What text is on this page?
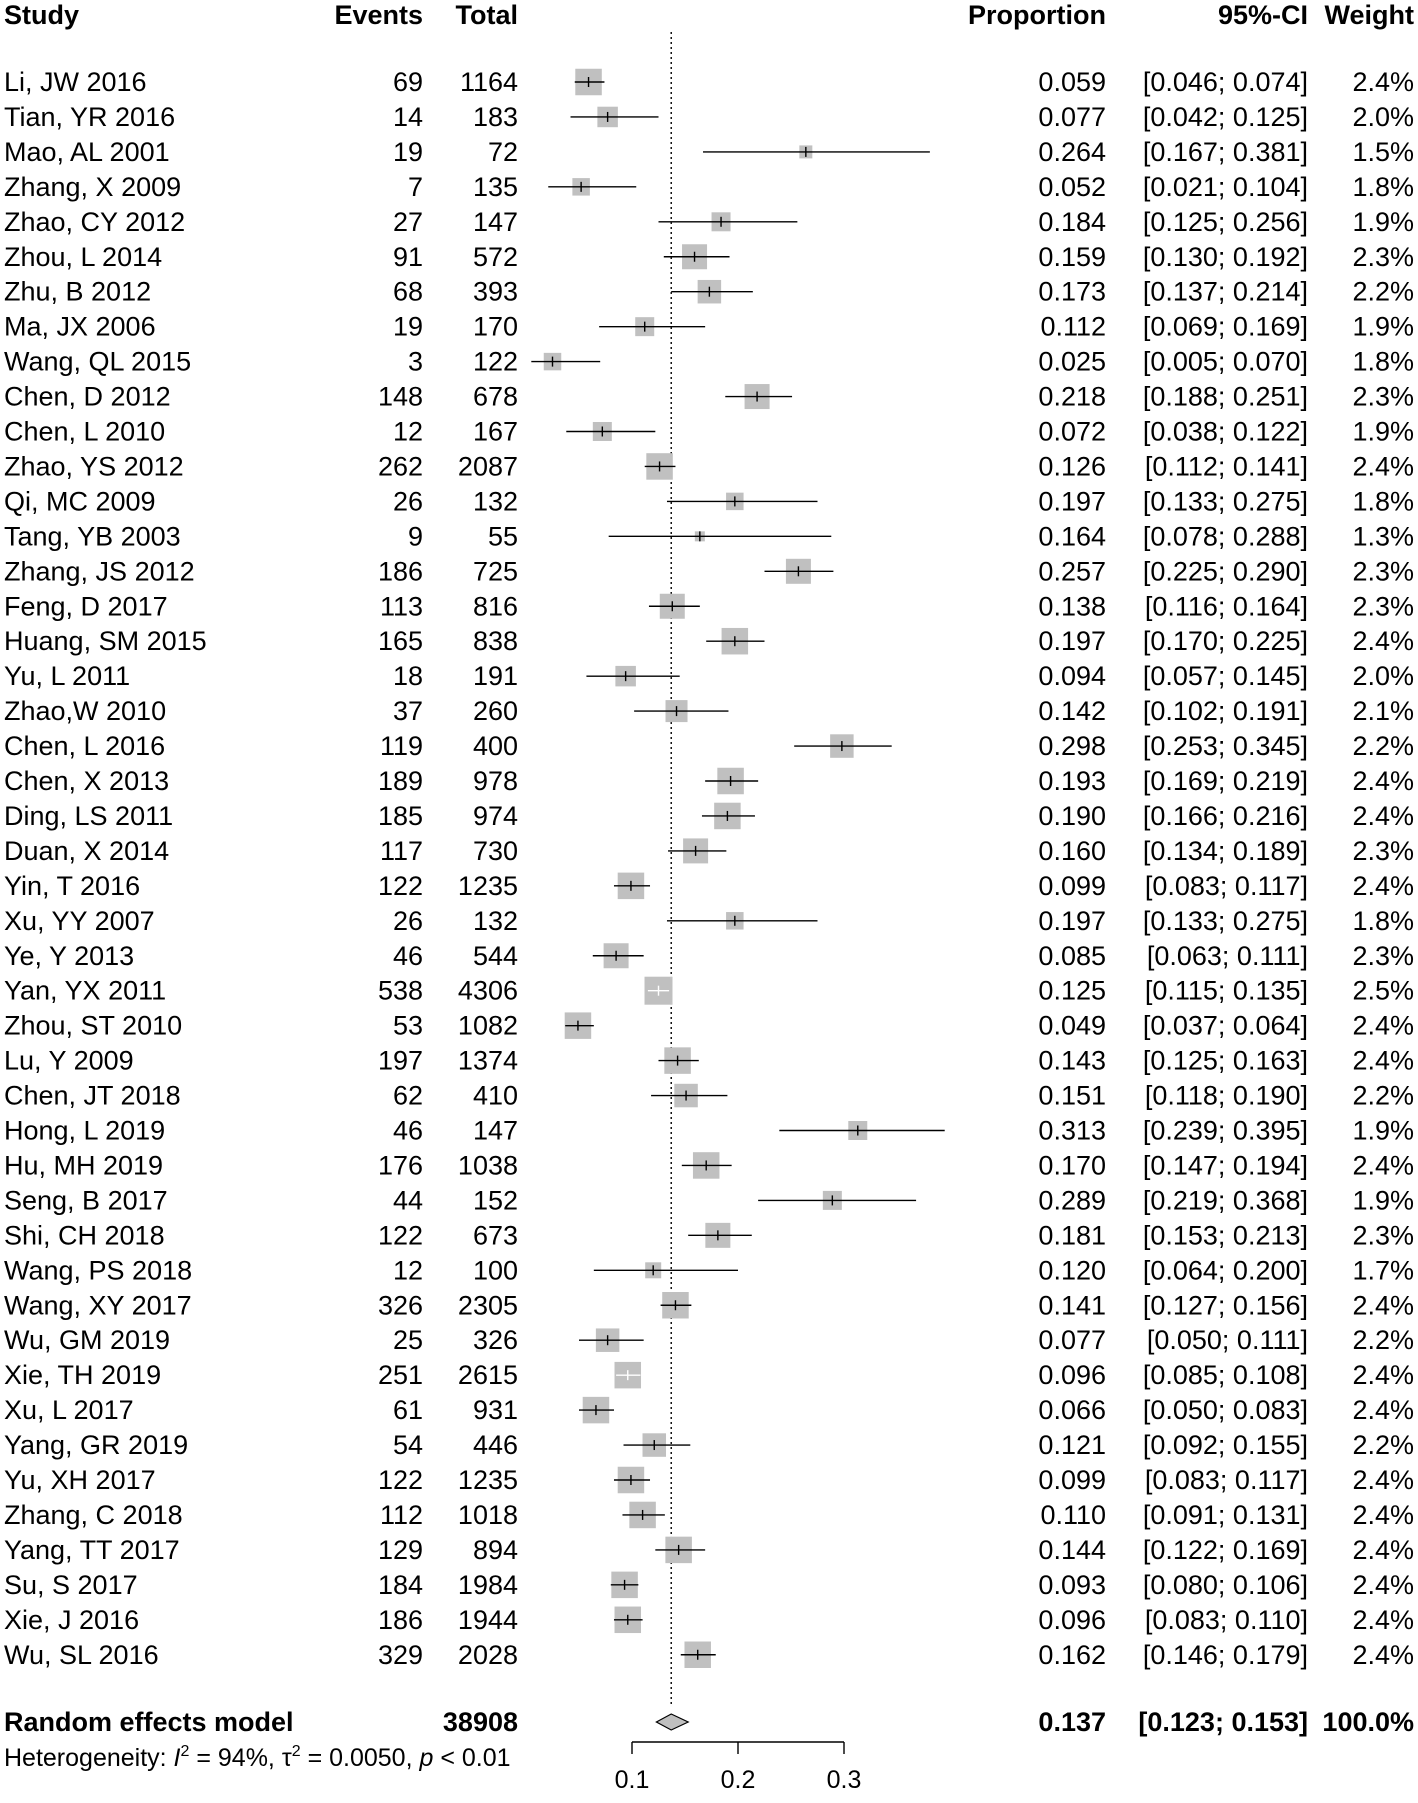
Study	Events Total	Proportion	95%-CI Weight
Li, JW 2016	69 1164	0.059 [0.046; 0.074] 2.4%
Tian, YR 2016	14 183	0.077 [0.042; 0.125] 2.0%
Mao, AL 2001	19 72	0.264 [0.167; 0.381] 1.5%
Zhang, X 2009	7 135	0.052 [0.021; 0.104] 1.8%
Zhao, CY 2012	27 147	0.184 [0.125; 0.256] 1.9%
Zhou, L 2014	91 572	0.159 [0.130; 0.192] 2.3%
Zhu, B 2012	68 393	0.173 [0.137; 0.214] 2.2%
Ma, JX 2006	19 170	0.112 [0.069; 0.169] 1.9%
Wang, QL 2015	3 122	0.025 [0.005; 0.070] 1.8%
Chen, D 2012	148 678	0.218 [0.188; 0.251] 2.3%
Chen, L 2010	12 167	0.072 [0.038; 0.122] 1.9%
Zhao, YS 2012	262 2087	0.126 [0.112; 0.141] 2.4%
Qi, MC 2009	26 132	0.197 [0.133; 0.275] 1.8%
Tang, YB 2003	9 55	0.164 [0.078; 0.288] 1.3%
Zhang, JS 2012	186 725	0.257 [0.225; 0.290] 2.3%
Feng, D 2017	113 816	0.138 [0.116; 0.164] 2.3%
Huang, SM 2015	165 838	0.197 [0.170; 0.225] 2.4%
Yu, L 2011	18 191	0.094 [0.057; 0.145] 2.0%
Zhao,W 2010	37 260	0.142 [0.102; 0.191] 2.1%
Chen, L 2016	119 400	0.298 [0.253; 0.345] 2.2%
Chen, X 2013	189 978	0.193 [0.169; 0.219] 2.4%
Ding, LS 2011	185 974	0.190 [0.166; 0.216] 2.4%
Duan, X 2014	117 730	0.160 [0.134; 0.189] 2.3%
Yin, T 2016	122 1235	0.099 [0.083; 0.117] 2.4%
Xu, YY 2007	26 132	0.197 [0.133; 0.275] 1.8%
Ye, Y 2013	46 544	0.085 [0.063; 0.111] 2.3%
Yan, YX 2011	538 4306	0.125 [0.115; 0.135] 2.5%
Zhou, ST 2010	53 1082	0.049 [0.037; 0.064] 2.4%
Lu, Y 2009	197 1374	0.143 [0.125; 0.163] 2.4%
Chen, JT 2018	62 410	0.151 [0.118; 0.190] 2.2%
Hong, L 2019	46 147	0.313 [0.239; 0.395] 1.9%
Hu, MH 2019	176 1038	0.170 [0.147; 0.194] 2.4%
Seng, B 2017	44 152	0.289 [0.219; 0.368] 1.9%
Shi, CH 2018	122 673	0.181 [0.153; 0.213] 2.3%
Wang, PS 2018	12 100	0.120 [0.064; 0.200] 1.7%
Wang, XY 2017	326 2305	0.141 [0.127; 0.156] 2.4%
Wu, GM 2019	25 326	0.077 [0.050; 0.111] 2.2%
Xie, TH 2019	251 2615	0.096 [0.085; 0.108] 2.4%
Xu, L 2017	61 931	0.066 [0.050; 0.083] 2.4%
Yang, GR 2019	54 446	0.121 [0.092; 0.155] 2.2%
Yu, XH 2017	122 1235	0.099 [0.083; 0.117] 2.4%
Zhang, C 2018	112 1018	0.110 [0.091; 0.131] 2.4%
Yang, TT 2017	129 894	0.144 [0.122; 0.169] 2.4%
Su, S 2017	184 1984	0.093 [0.080; 0.106] 2.4%
Xie, J 2016	186 1944	0.096 [0.083; 0.110] 2.4%
Wu, SL 2016	329 2028	0.162 [0.146; 0.179] 2.4%
Random effects model	38908	0.137 [0.123; 0.153] 100.0%
Heterogeneity: $I^2 = 94\%$, $\tau^2 = 0.0050$, p < 0.01
0.1	0.2	0.3
